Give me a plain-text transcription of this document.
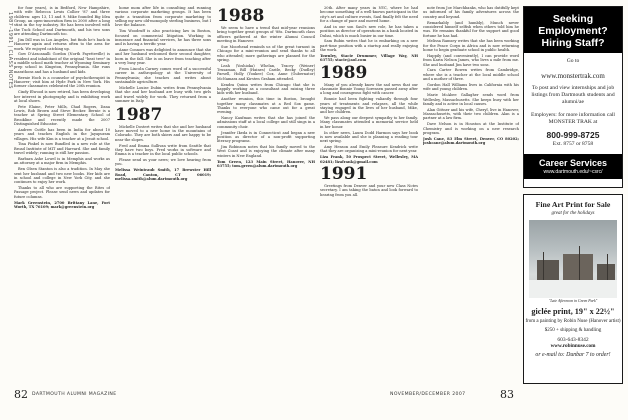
1987–1991 | CLASS NOTES

for four years), is in Bedford, New Hampshire, with wife Rebecca Lewis Collier '87 and three children: ages 13, 11 and 9. Mike founded Big Idea Group, an open-innovation firm in 2000 after a long stint in the toy industry. He has been involved with the Tuck School and Dartmouth, and his two sons are attending Dartmouth too.

Jim Dill was in Los Angeles, but finds he's back in Hanover again and returns often to the area for work. We enjoyed catching up.

Gow D'Aracanalli Gordon (North Fayetteville) is resident and inhabitant of the original "heat tree" in a middle school math teacher at Wyoming Seminary prep school in Kingston, Pennsylvania. She runs marathons and has a husband and kids.

Bernie Hoch is a counselor of psychotherapist in Hanover; visit him at Hyde Park in New York. His former classmates celebrated the 20th reunion.

Cindy Elwood is now retired, has been developing her interest in photography and is exhibiting work at local shows.

Pete Elaine, Peter Mills, Chad Rogers, Dana Lewis, Rob Brown and Steve Becker. Bernie is a teacher at Spring Street Elementary School of Brookline and recently made the 2007 Distinguished Educator.

Andrew Cuttle has been in India for about 10 years and teaches English in the Jayapuram villages. His wife Kim is a teacher at a Jesuit school.

Tina Finkel is now Bundled in a new role at the Broad Institute of MIT and Harvard. She and family travel widely; running is still her passion.

Barbara Ashe Lowel is in Memphis and works as an attorney at a major firm in Memphis.

Ben Olsen Stanton is also a tradition. In May she sent her husband and two new books. Her kids are in school and college in New York City, and she continues to enjoy her work.

Thanks to all who are supporting the Rites of Passage project. Please send news and updates for future columns.

Mark Greenstein, 2700 Brittany Lane, Fort Worth, TX 76109; mark@greenstein.org

home mom after life in consulting and running various corporate marketing groups. It has been quite a transition from corporate marketing to selling my new old-monopoly sterling business, but I love the balance.

Tim Woodruff is also practicing law in Boston, focused on commercial litigation. Working in insurance and financial services, he has three sons and is having a terrific year.

Anne Connors was delighted to announce that she and her husband welcomed their second daughter, born in the fall. She is on leave from teaching after a very busy year.

From Lincoln Carney comes word of a successful career in anthropology at the University of Pennsylvania; she teaches and writes about sustainable agriculture.

Michelle Louise Dubin writes from Pennsylvania that she and her husband are busy with two girls and travel widely for work. They returned from a summer in Italy.

1987

Michelle Dostert writes that she and her husband have moved to a new home in the mountains of Colorado. They are both skiers and are happy to be near the slopes.

Fred and Emma Sullivan write from Seattle that they have two boys. Fred works in software and Emma is a teacher in the local public schools.

Please send us your news; we love hearing from you.

Melissa Weintraub Smith, 17 Brewster Hill Road, Canton, CT 06019; melissa.smith@alum.dartmouth.org

1988

We seem to have a trend that mid-year reunions bring together great groups of '88s. Dartmouth class officers gathered at the winter Alumni Council meeting in Hanover.

Sue Moorhead reminds us of the great turnout in Chicago for a mini-reunion and send thanks to all who attended; more gatherings are planned for the spring.

Leah (Yoshioka) Whelan, Tracey (Weiner) Trusaman, Bill (Haines) Castle, Becky (Dudley) Parsell, Holly (Youkee) Cox, Anne (Gubernator) McNamara and Kirsten Graham attended.

Kendra Quinn writes from Chicago that she is happily working as a consultant and raising three kids with her husband.

Another reunion, this time in Boston, brought together many classmates at a Red Sox game. Thanks to everyone who came out for a great evening.

Nancy Kaufman writes that she has joined the admissions staff at a local college and still sings in a community choir.

Jennifer Ikeda is in Connecticut and began a new position as director of a non-profit supporting literacy programs.

Jim Robinson notes that his family moved to the West Coast and is enjoying the climate after many winters in New England.

Tom Green, 123 Main Street, Hanover, NH 03755; tom.green@alum.dartmouth.org

20th. After many years in NYC, where he had become something of a well-known participant in the city's art and culture events, Saul finally felt the need for a change of pace and moved home.

And in our son Saul's new role, he has taken a position as director of operations in a bank located in Dubai, which is much busier in our time.

Sam Rubin writes that he is embarking on a new part-time position with a startup and really enjoying the work.

Townley, Stacie Drummer, Village Way, NH 03755; stacie@aol.com

1989

Many of you already know the sad news that our classmate Bonnie Young Sorensen passed away after a long and courageous fight with cancer.

Bonnie had been fighting valiantly through four years of treatments and relapses, all the while staying engaged in the lives of her husband, Mike, and her children.

We pass along our deepest sympathy to her family. Many classmates attended a memorial service held in her honor.

In other news, Laura Dodd Harmon says her book is now available and she is planning a reading tour next spring.

Amy Henson and Emily Pleasure Kendrick write that they are organizing a mini-reunion for next year.

Liza Frank, 50 Prospect Street, Wellesley, MA 02481; lizafrank@gmail.com

1991

Greetings from Denver and your new Class Notes secretary. I am taking the baton and look forward to hearing from you all.

note from Joe Marchbanks, who has dutifully kept us informed of his family adventures across the country and beyond.

Remarkably (and humbly), Munch never considered himself selfish when others told him he was. He remains thankful for the support and good fortune he has had.

Melissa Ramsey writes that she has been working for the Peace Corps in Africa and is now returning home to begin graduate school in public health.

Happily (and conveniently), I can provide word from Karin Nelson James, who lives a mile from me. She and husband Jim have two sons.

Cara Carter Rowen writes from Cambridge, where she is a teacher at the local middle school and a mother of three.

Gordon Hall Williams lives in California with his wife and young children.

Marie McAbee Gallagher sends word from Wellesley, Massachusetts. She keeps busy with her family and is active in local causes.

Alan Gittner and his wife, Cheryl, live in Hanover, Massachusetts, with their two children. Alan is a partner at a law firm.

Dave Nelson is in Houston at the Institute of Chemistry and is working on a new research program.

Josh Cane, 83 Elm Street, Denver, CO 80202; joshcane@alum.dartmouth.org

82 DARTMOUTH ALUMNI MAGAZINE	NOVEMBER/DECEMBER 2007	83
Seeking Employment? Hiring Staff?
Go to
www.monstertrak.com
To post and view internships and job listings from Dartmouth students and alumni/ae
Employers: for more information call MONSTER TRAK at
800-999-8725
Ext. 8757 or 8758
Career Services
www.dartmouth.edu/~csrc/
Fine Art Print for Sale
great for the holidays
"Late Afternoon in Green Park"
giclée print, 19" x 22½"
from a painting by Robin Nuse (Hanover artist)
$250 + shipping & handling
603-643-8342
www.robinnuse.com
or e-mail to: Dunbar 7 to order!
